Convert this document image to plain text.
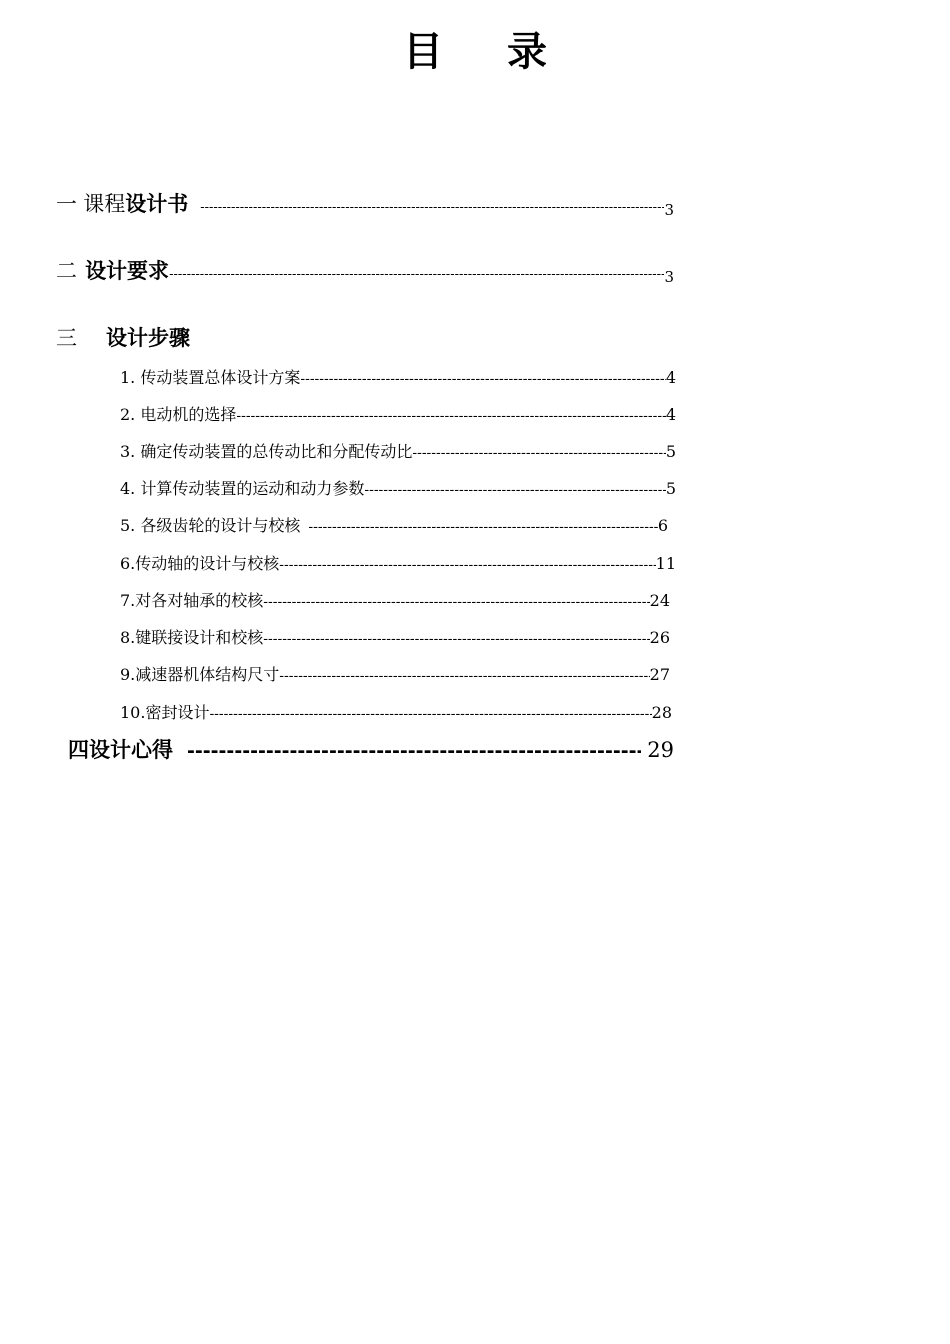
目 录
一 课程设计书 -----	3
二 设计要求 -----	3
三	设计步骤
1. 传动装置总体设计方案 -----	4
2. 电动机的选择 -----	4
3. 确定传动装置的总传动比和分配传动比 -----	5
4. 计算传动装置的运动和动力参数 -----	5
5. 各级齿轮的设计与校核 -----	6
6.传动轴的设计与校核 -----	11
7.对各对轴承的校核 -----	24
8.键联接设计和校核 -----	26
9.减速器机体结构尺寸 -----	27
10.密封设计 -----	28
四 设计心得 -----	29
